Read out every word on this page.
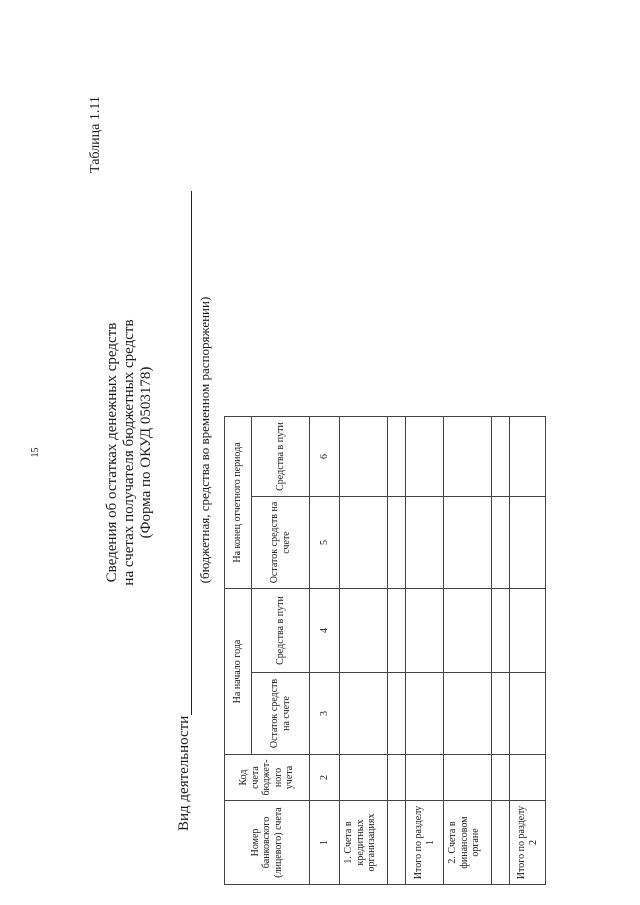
15
Таблица 1.11
Сведения об остатках денежных средств на счетах получателя бюджетных средств (Форма по ОКУД 0503178)
Вид деятельности
(бюджетная, средства во временном распоряжении)
Номер банковского (лицевого) счета	Код счета бюджет-ного учета	На начало года		На конец отчетного периода	
		Остаток средств на счете	Средства в пути	Остаток средств на счете	Средства в пути
1	2	3	4	5	6
1. Счета в кредитных организациях					

Итого по разделу 1					
2. Счета в финансовом органе					

Итого по разделу 2					
